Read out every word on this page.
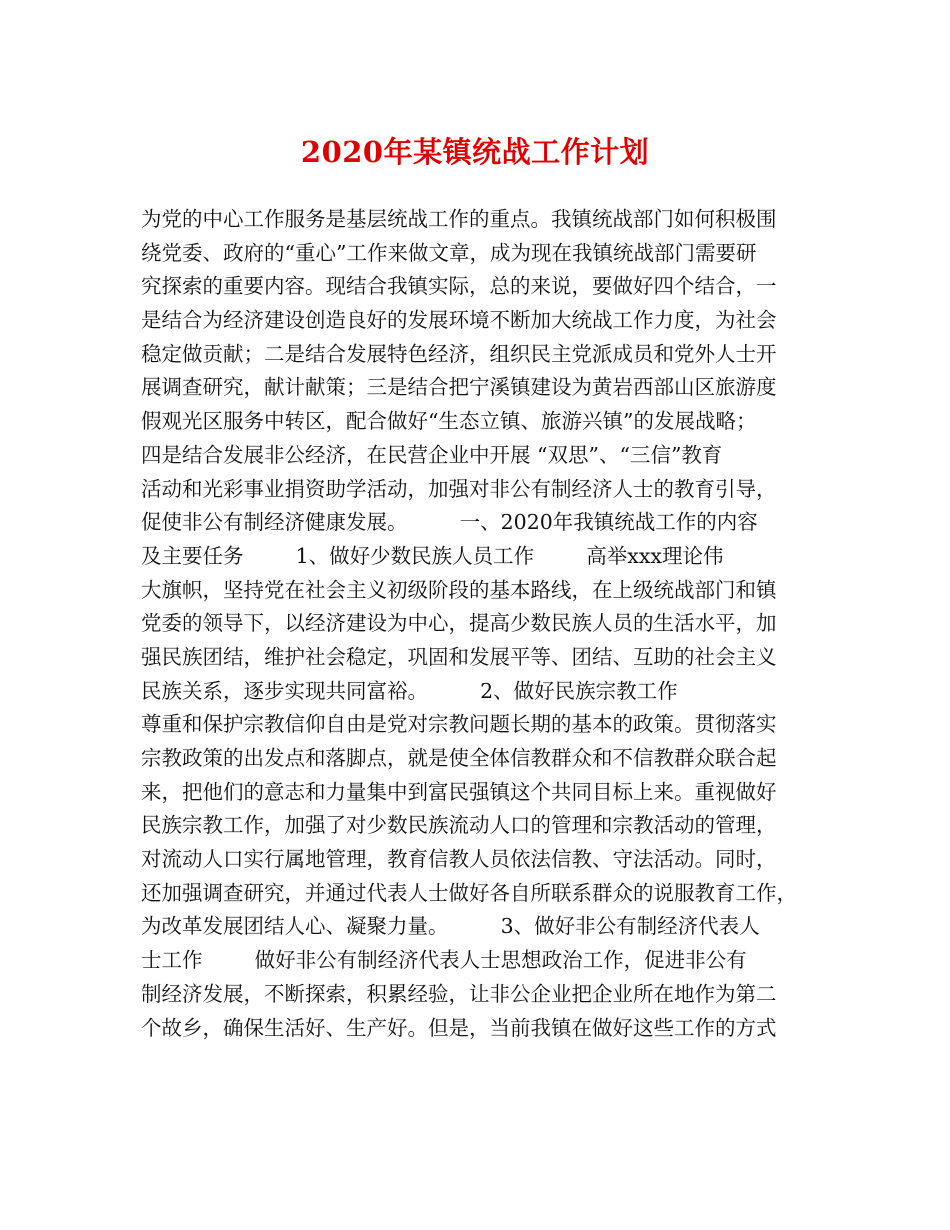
2020年某镇统战工作计划
为党的中心工作服务是基层统战工作的重点。我镇统战部门如何积极围
绕党委、政府的“重心”工作来做文章，成为现在我镇统战部门需要研
究探索的重要内容。现结合我镇实际，总的来说，要做好四个结合，一
是结合为经济建设创造良好的发展环境不断加大统战工作力度，为社会
稳定做贡献；二是结合发展特色经济，组织民主党派成员和党外人士开
展调查研究，献计献策；三是结合把宁溪镇建设为黄岩西部山区旅游度
假观光区服务中转区，配合做好“生态立镇、旅游兴镇”的发展战略；
四是结合发展非公经济，在民营企业中开展 “双思”、“三信”教育
活动和光彩事业捐资助学活动，加强对非公有制经济人士的教育引导，
促使非公有制经济健康发展。        一、2020年我镇统战工作的内容
及主要任务        1、做好少数民族人员工作        高举xxx理论伟
大旗帜，坚持党在社会主义初级阶段的基本路线，在上级统战部门和镇
党委的领导下，以经济建设为中心，提高少数民族人员的生活水平，加
强民族团结，维护社会稳定，巩固和发展平等、团结、互助的社会主义
民族关系，逐步实现共同富裕。        2、做好民族宗教工作
尊重和保护宗教信仰自由是党对宗教问题长期的基本的政策。贯彻落实
宗教政策的出发点和落脚点，就是使全体信教群众和不信教群众联合起
来，把他们的意志和力量集中到富民强镇这个共同目标上来。重视做好
民族宗教工作，加强了对少数民族流动人口的管理和宗教活动的管理，
对流动人口实行属地管理，教育信教人员依法信教、守法活动。同时，
还加强调查研究，并通过代表人士做好各自所联系群众的说服教育工作，
为改革发展团结人心、凝聚力量。        3、做好非公有制经济代表人
士工作        做好非公有制经济代表人士思想政治工作，促进非公有
制经济发展，不断探索，积累经验，让非公企业把企业所在地作为第二
个故乡，确保生活好、生产好。但是，当前我镇在做好这些工作的方式
